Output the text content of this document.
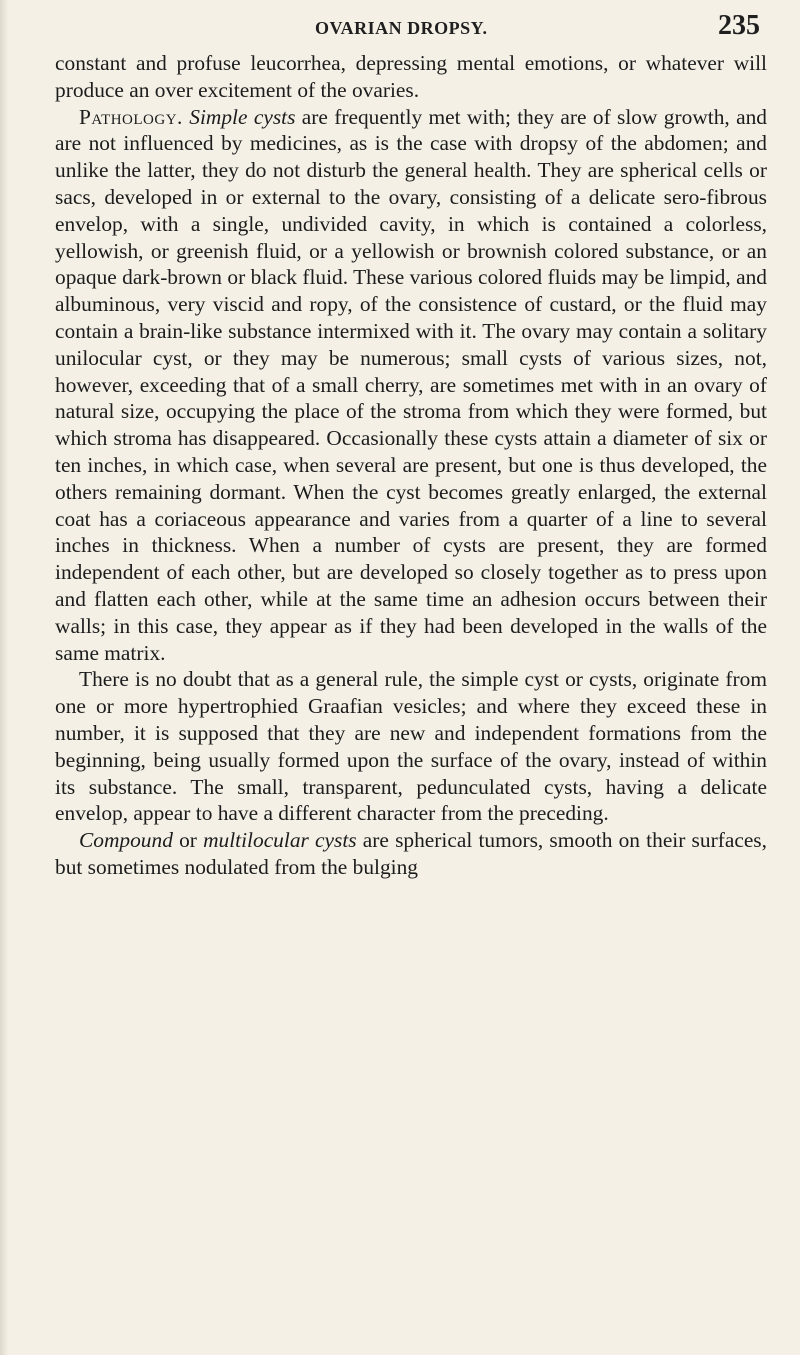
OVARIAN DROPSY.	235

constant and profuse leucorrhea, depressing mental emotions, or whatever will produce an over excitement of the ovaries.

Pathology. Simple cysts are frequently met with; they are of slow growth, and are not influenced by medicines, as is the case with dropsy of the abdomen; and unlike the latter, they do not disturb the general health. They are spherical cells or sacs, developed in or external to the ovary, consisting of a delicate sero-fibrous envelop, with a single, undivided cavity, in which is contained a colorless, yellowish, or greenish fluid, or a yellowish or brownish colored substance, or an opaque dark-brown or black fluid. These various colored fluids may be limpid, and albuminous, very viscid and ropy, of the consistence of custard, or the fluid may contain a brain-like substance intermixed with it. The ovary may contain a solitary unilocular cyst, or they may be numerous; small cysts of various sizes, not, however, exceeding that of a small cherry, are sometimes met with in an ovary of natural size, occupying the place of the stroma from which they were formed, but which stroma has disappeared. Occasionally these cysts attain a diameter of six or ten inches, in which case, when several are present, but one is thus developed, the others remaining dormant. When the cyst becomes greatly enlarged, the external coat has a coriaceous appearance and varies from a quarter of a line to several inches in thickness. When a number of cysts are present, they are formed independent of each other, but are developed so closely together as to press upon and flatten each other, while at the same time an adhesion occurs between their walls; in this case, they appear as if they had been developed in the walls of the same matrix.

There is no doubt that as a general rule, the simple cyst or cysts, originate from one or more hypertrophied Graafian vesicles; and where they exceed these in number, it is supposed that they are new and independent formations from the beginning, being usually formed upon the surface of the ovary, instead of within its substance. The small, transparent, pedunculated cysts, having a delicate envelop, appear to have a different character from the preceding.

Compound or multilocular cysts are spherical tumors, smooth on their surfaces, but sometimes nodulated from the bulging
